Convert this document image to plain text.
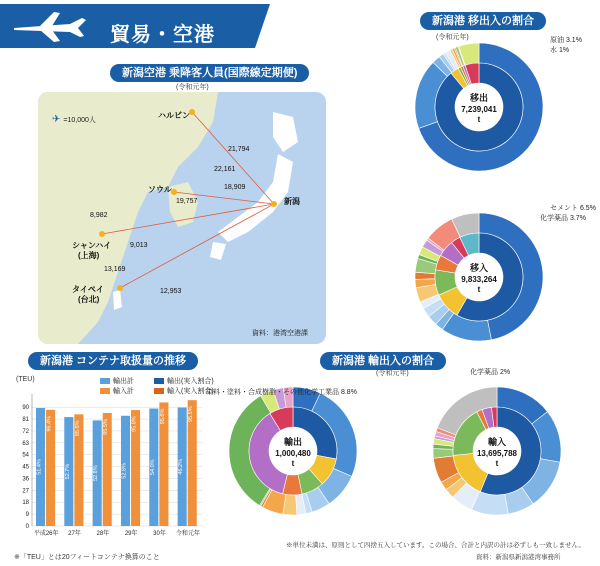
貿易・空港
新潟空港 乗降客人員(国際線定期便)
(令和元年)
✈ =10,000人	ハルビン
ソウル
シャンハイ
(上海)
タイペイ
(台北)
新潟
21,794
22,161
18,909
19,757
8,982
9,013
13,169
12,953
資料：港湾空港課
新潟港 コンテナ取扱量の推移
(TEU)	輸出計
輸入計
輸出(実入割合)
輸入(実入割合)
0
9
18
27
36
45
54
63
72
81
90
51.4%
96.4%
平成26年
52.7%
95.6%
27年
52.8%
95.5%
28年
52.8%
95.8%
29年
54.0%
95.6%
30年
46.2%
95.5%
令和元年
※「TEU」とは20フィートコンテナ換算のこと
新潟港 移出入の割合
(令和元年)
移出
7,239,041
t
移入
9,833,264
t
新潟港 輸出入の割合
(令和元年)
輸出
1,000,480
t
輸入
13,695,788
t
原油 3.1%
水 1%
セメント 6.5%
化学薬品 3.7%
染料・塗料・合成樹脂・その他化学工業品 8.8%
化学薬品 2%
※単位未満は、原則として四捨五入しています。この場合、合計と内訳の計は必ずしも一致しません。
資料：新潟県新潟港湾事務所
